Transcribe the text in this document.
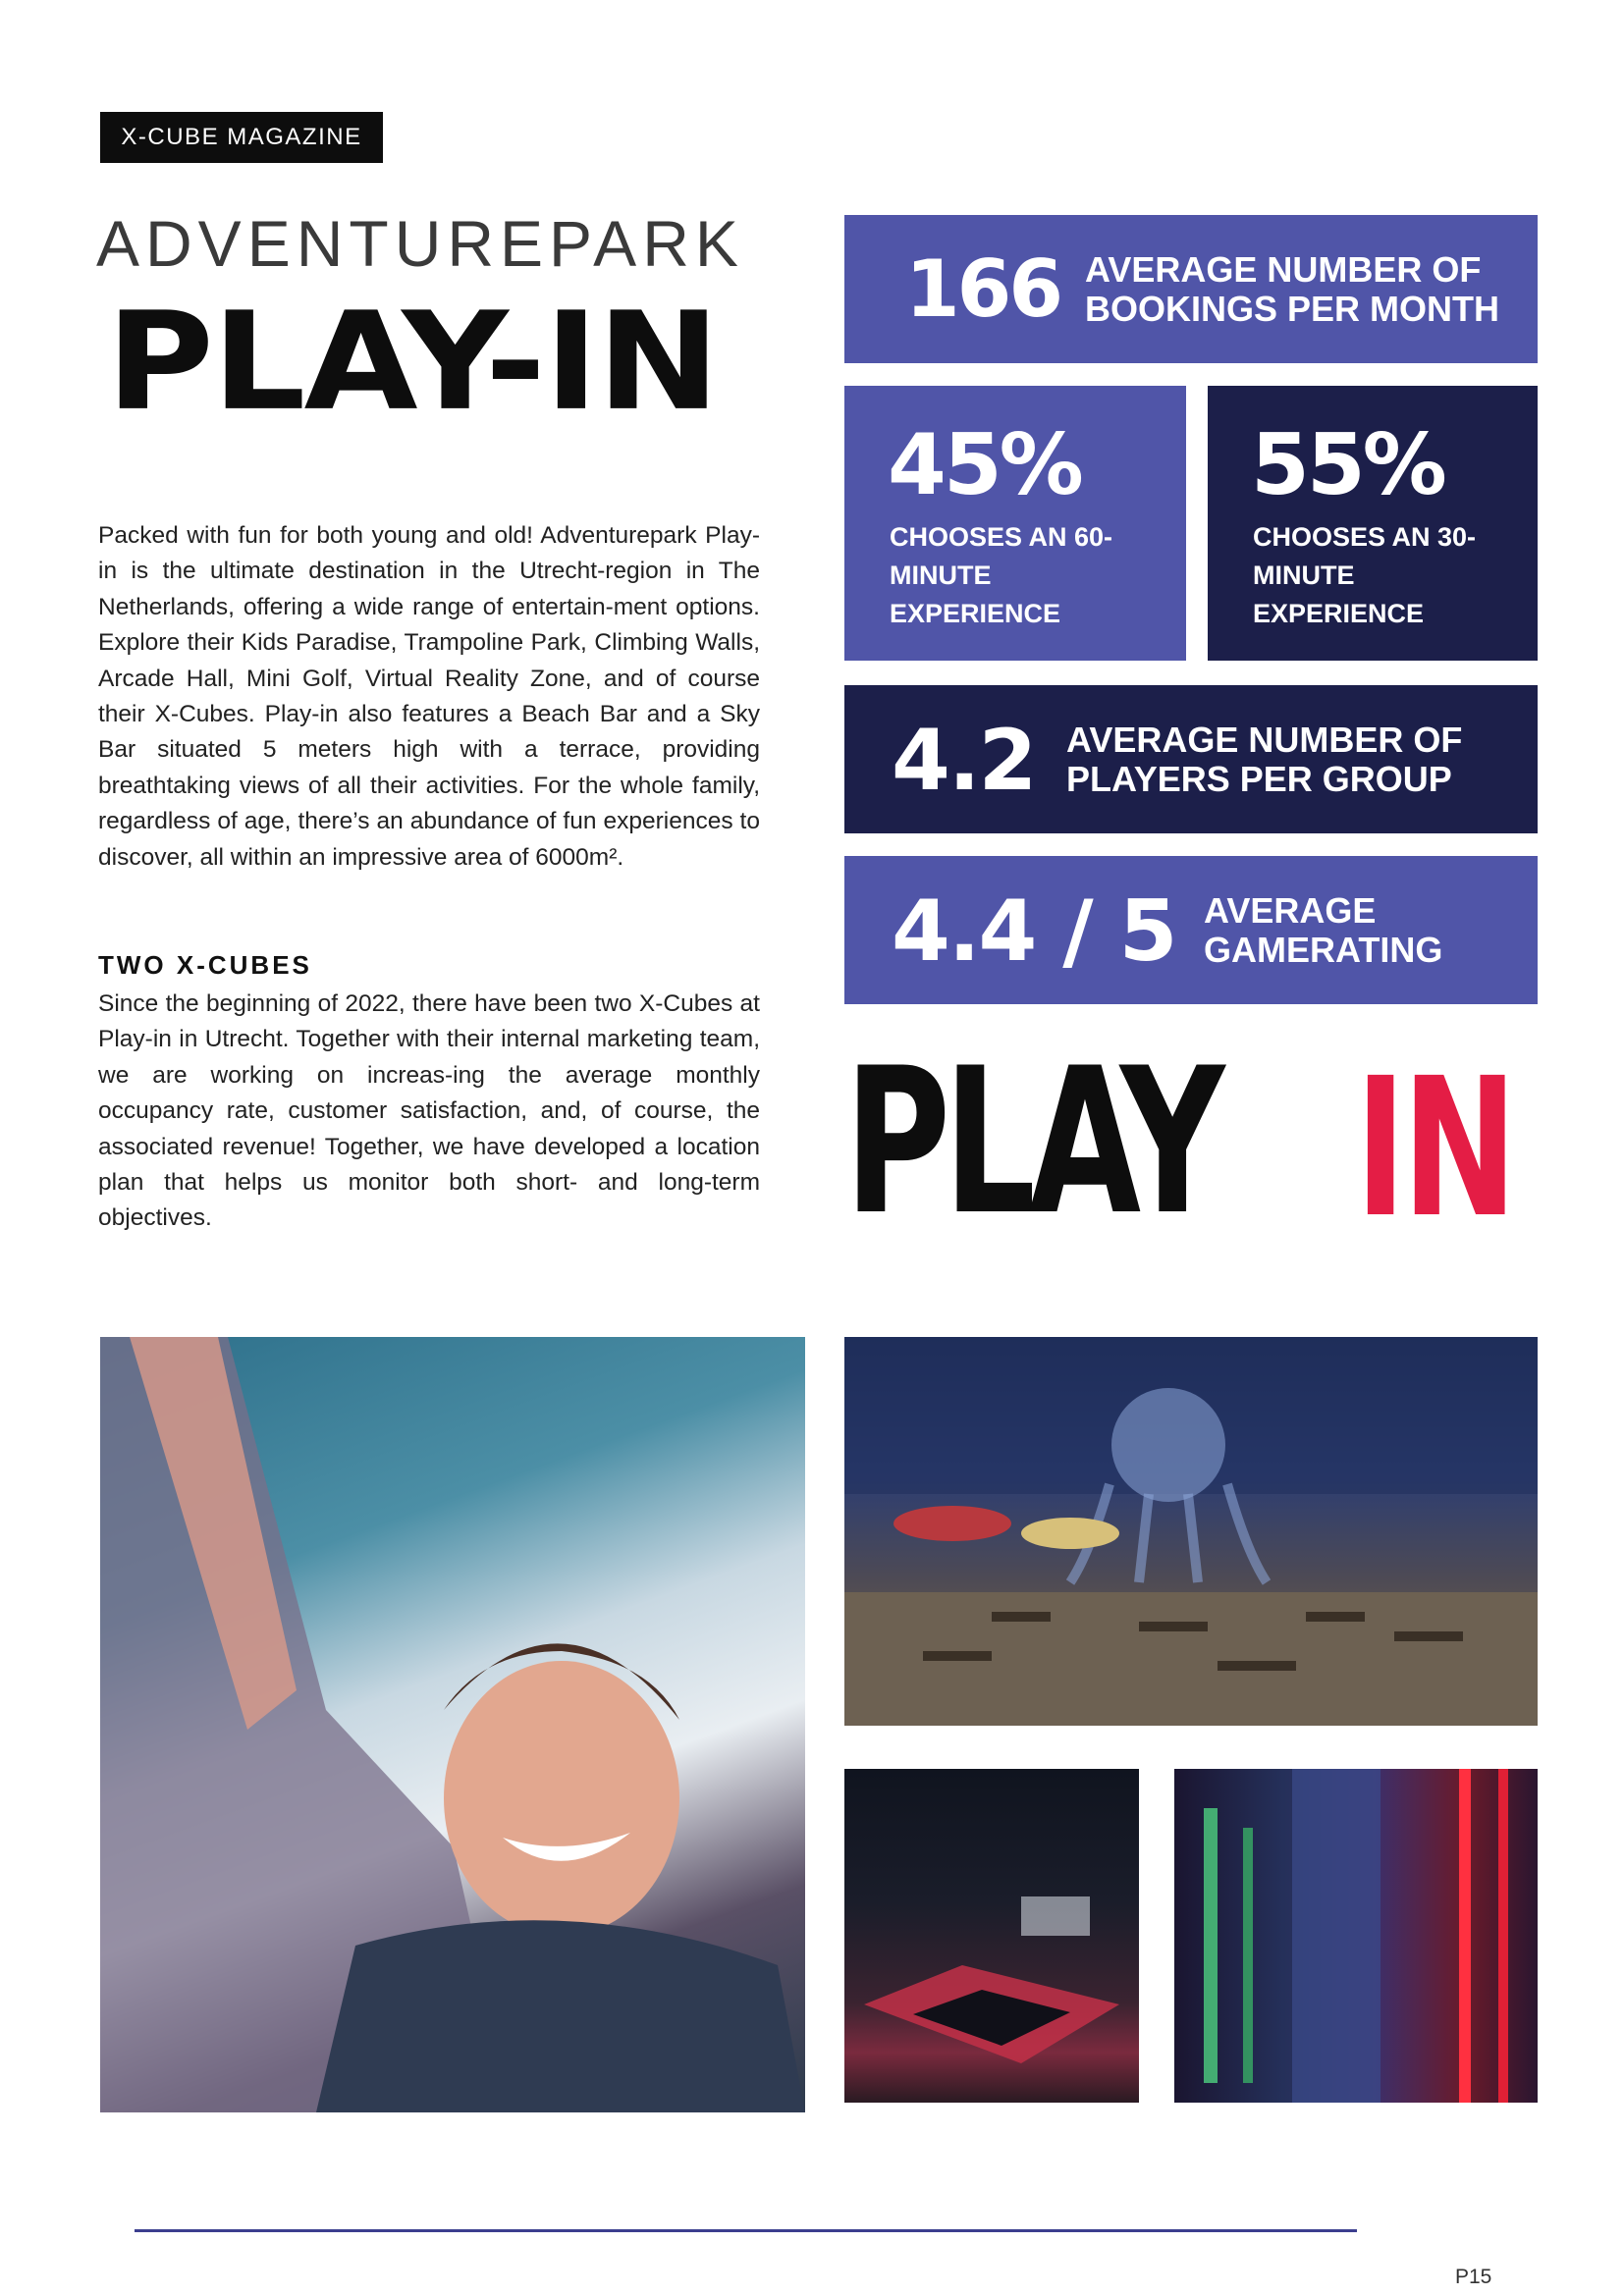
X-CUBE MAGAZINE
ADVENTUREPARK
PLAY-IN

Packed with fun for both young and old! Adventurepark Play-in is the ultimate destination in the Utrecht-region in The Netherlands, offering a wide range of entertain-ment options. Explore their Kids Paradise, Trampoline Park, Climbing Walls, Arcade Hall, Mini Golf, Virtual Reality Zone, and of course their X-Cubes. Play-in also features a Beach Bar and a Sky Bar situated 5 meters high with a terrace, providing breathtaking views of all their activities. For the whole family, regardless of age, there’s an abundance of fun experiences to discover, all within an impressive area of 6000m².

TWO X-CUBES

Since the beginning of 2022, there have been two X-Cubes at Play-in in Utrecht. Together with their internal marketing team, we are working on increas-ing the average monthly occupancy rate, customer satisfaction, and, of course, the associated revenue! Together, we have developed a location plan that helps us monitor both short- and long-term objectives.

166 AVERAGE NUMBER OF BOOKINGS PER MONTH
45%
CHOOSES AN 60-MINUTE EXPERIENCE
55%
CHOOSES AN 30-MINUTE EXPERIENCE
4.2 AVERAGE NUMBER OF PLAYERS PER GROUP
4.4 / 5 AVERAGE GAMERATING
PLAY IN
P15
